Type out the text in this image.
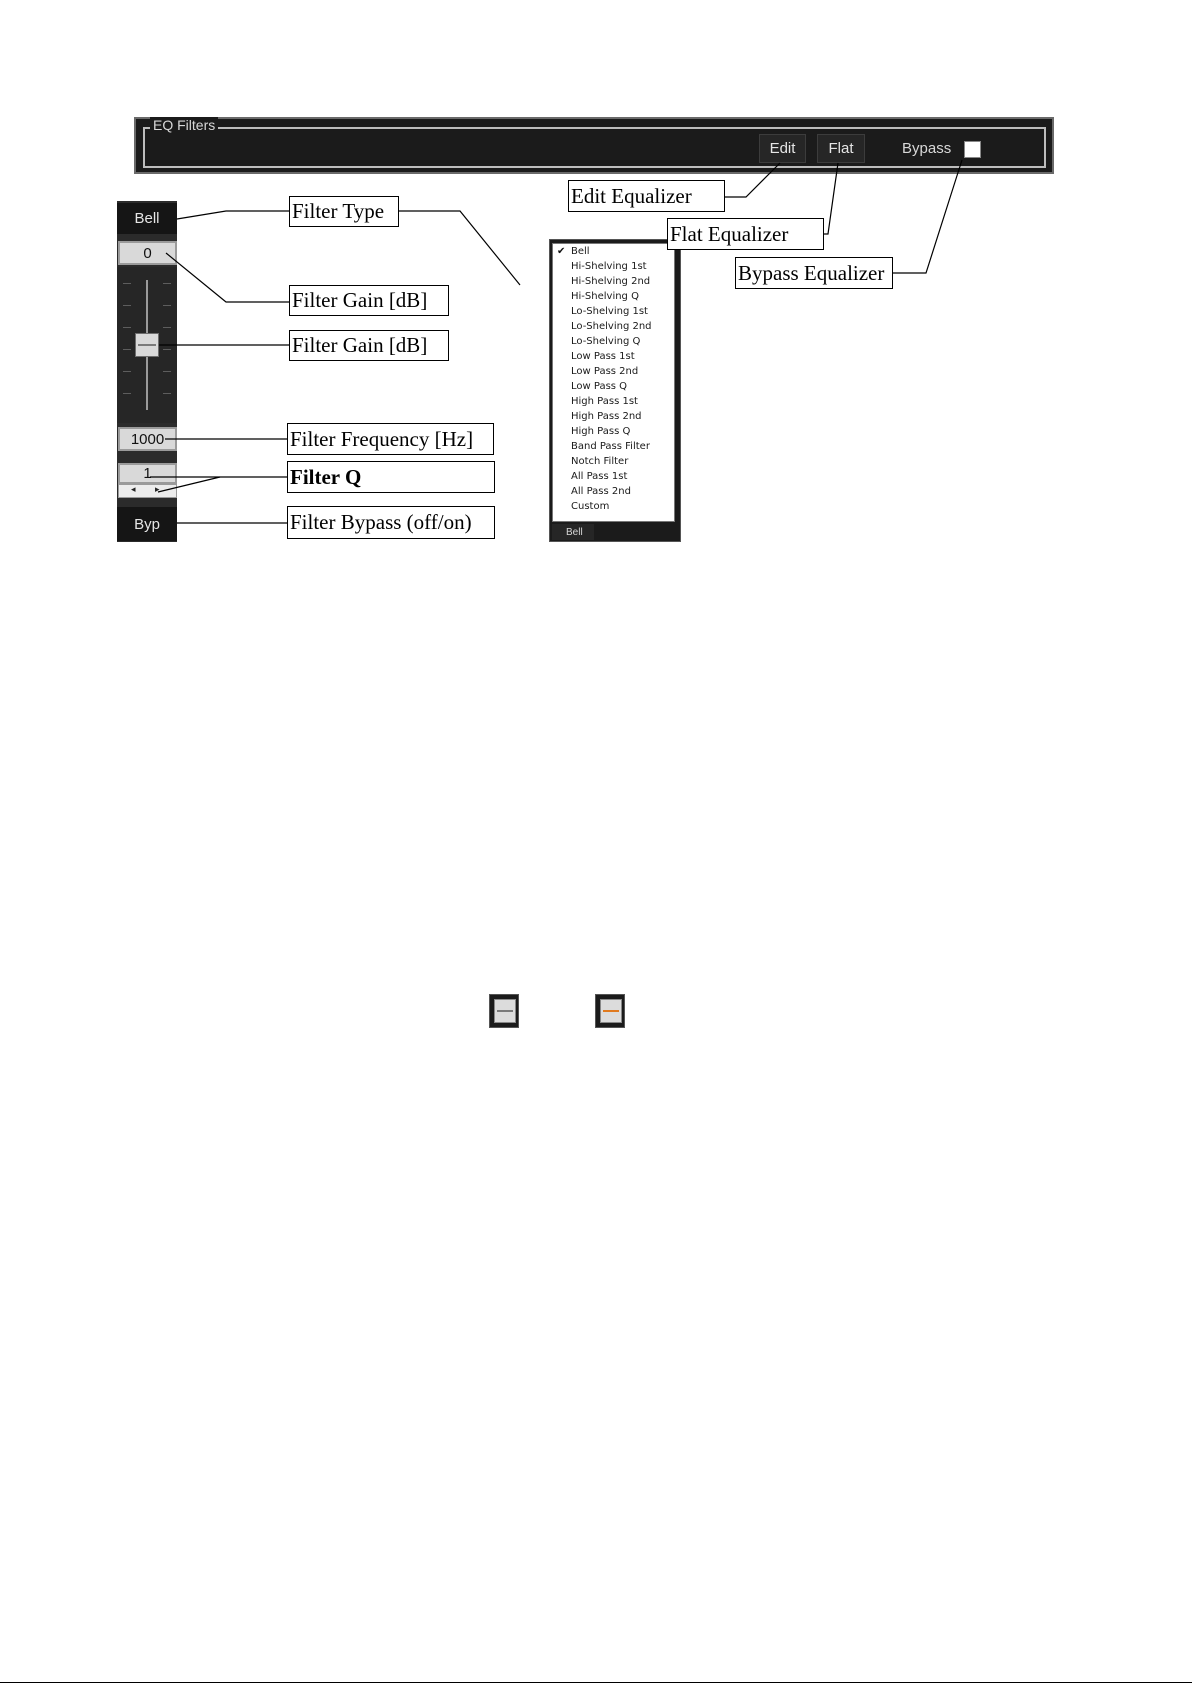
EQ Filters
Edit	Flat	Bypass
Bell
0
1000
1
◂ ▸
Byp
✔ Bell
Hi-Shelving 1st
Hi-Shelving 2nd
Hi-Shelving Q
Lo-Shelving 1st
Lo-Shelving 2nd
Lo-Shelving Q
Low Pass 1st
Low Pass 2nd
Low Pass Q
High Pass 1st
High Pass 2nd
High Pass Q
Band Pass Filter
Notch Filter
All Pass 1st
All Pass 2nd
Custom
Bell
Filter Type
Filter Gain [dB]
Filter Gain [dB]
Filter Frequency [Hz]
Filter Q
Filter Bypass (off/on)
Edit Equalizer
Flat Equalizer
Bypass Equalizer
